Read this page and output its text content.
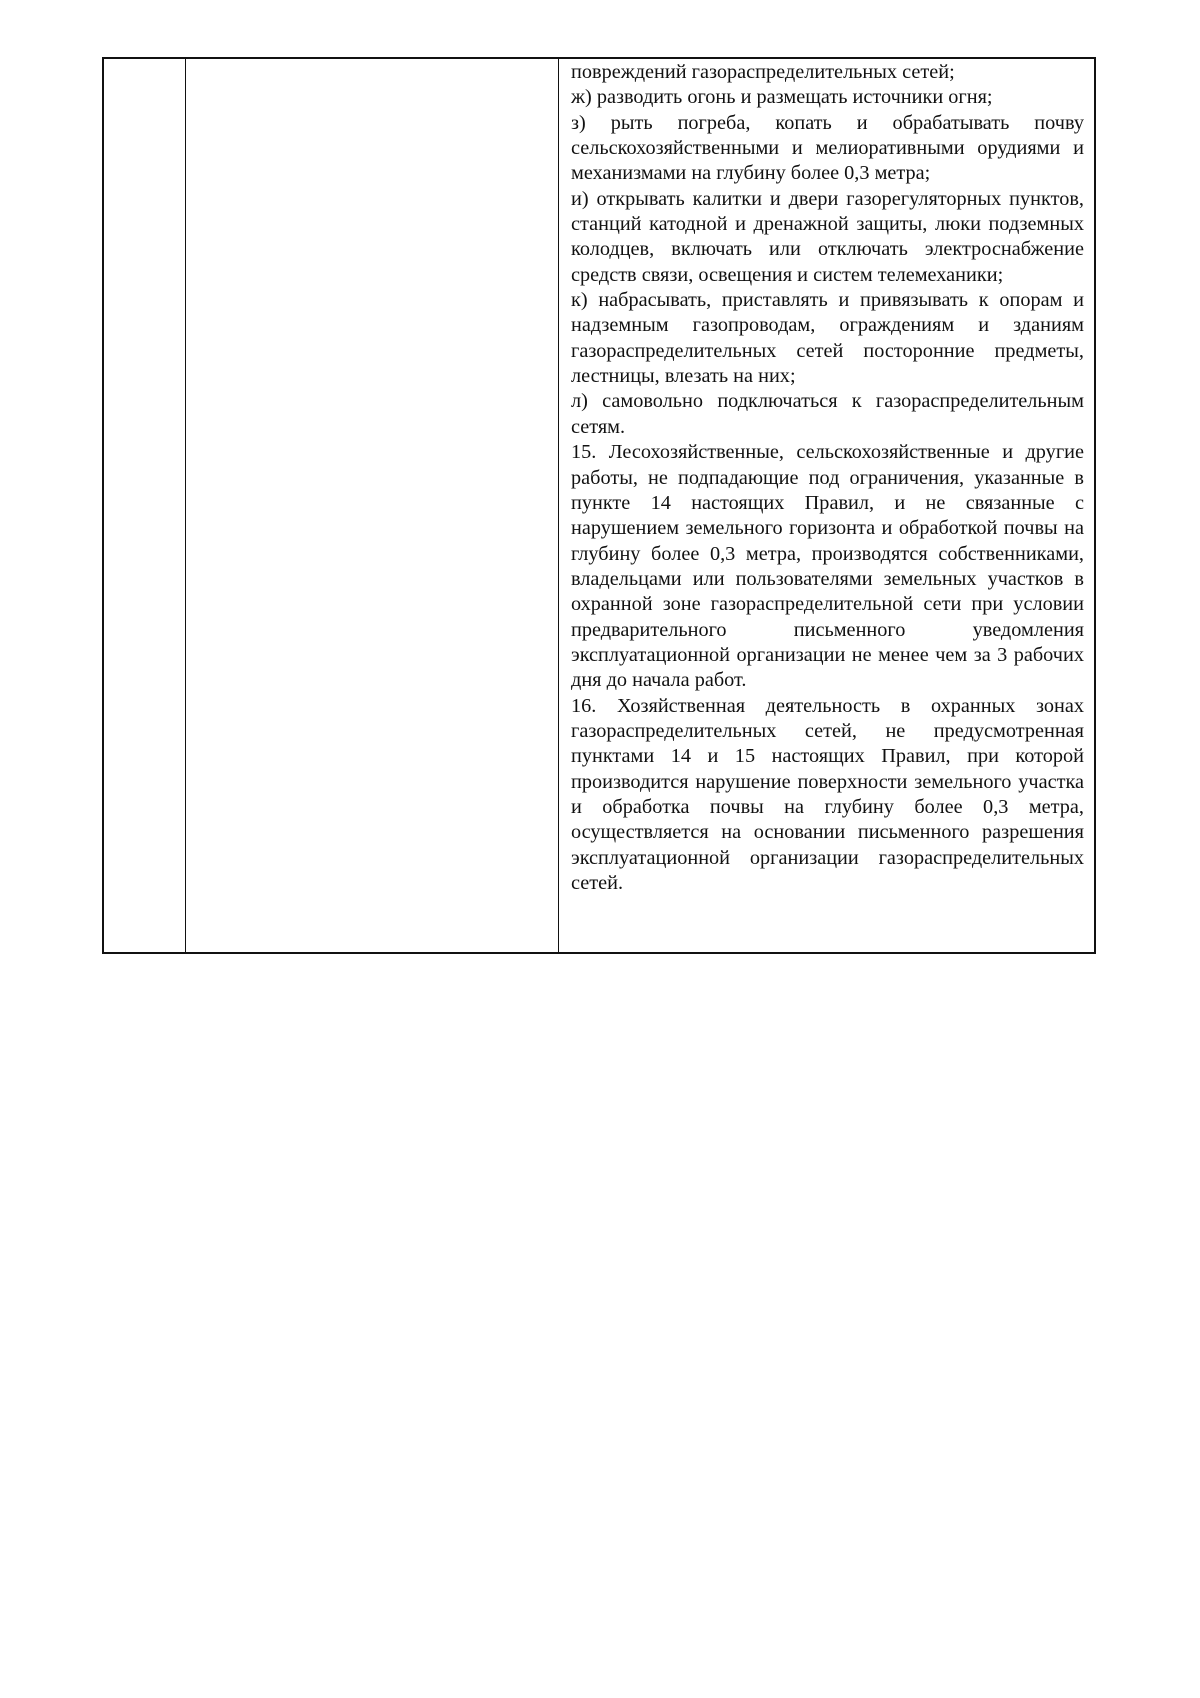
повреждений газораспределительных сетей;

ж) разводить огонь и размещать источники огня;

з) рыть погреба, копать и обрабатывать почву сельскохозяйственными и мелиоративными орудиями и механизмами на глубину более 0,3 метра;

и) открывать калитки и двери газорегуляторных пунктов, станций катодной и дренажной защиты, люки подземных колодцев, включать или отключать электроснабжение средств связи, освещения и систем телемеханики;

к) набрасывать, приставлять и привязывать к опорам и надземным газопроводам, ограждениям и зданиям газораспределительных сетей посторонние предметы, лестницы, влезать на них;

л) самовольно подключаться к газораспределительным сетям.

15. Лесохозяйственные, сельскохозяйственные и другие работы, не подпадающие под ограничения, указанные в пункте 14 настоящих Правил, и не связанные с нарушением земельного горизонта и обработкой почвы на глубину более 0,3 метра, производятся собственниками, владельцами или пользователями земельных участков в охранной зоне газораспределительной сети при условии предварительного письменного уведомления эксплуатационной организации не менее чем за 3 рабочих дня до начала работ.

16. Хозяйственная деятельность в охранных зонах газораспределительных сетей, не предусмотренная пунктами 14 и 15 настоящих Правил, при которой производится нарушение поверхности земельного участка и обработка почвы на глубину более 0,3 метра, осуществляется на основании письменного разрешения эксплуатационной организации газораспределительных сетей.
